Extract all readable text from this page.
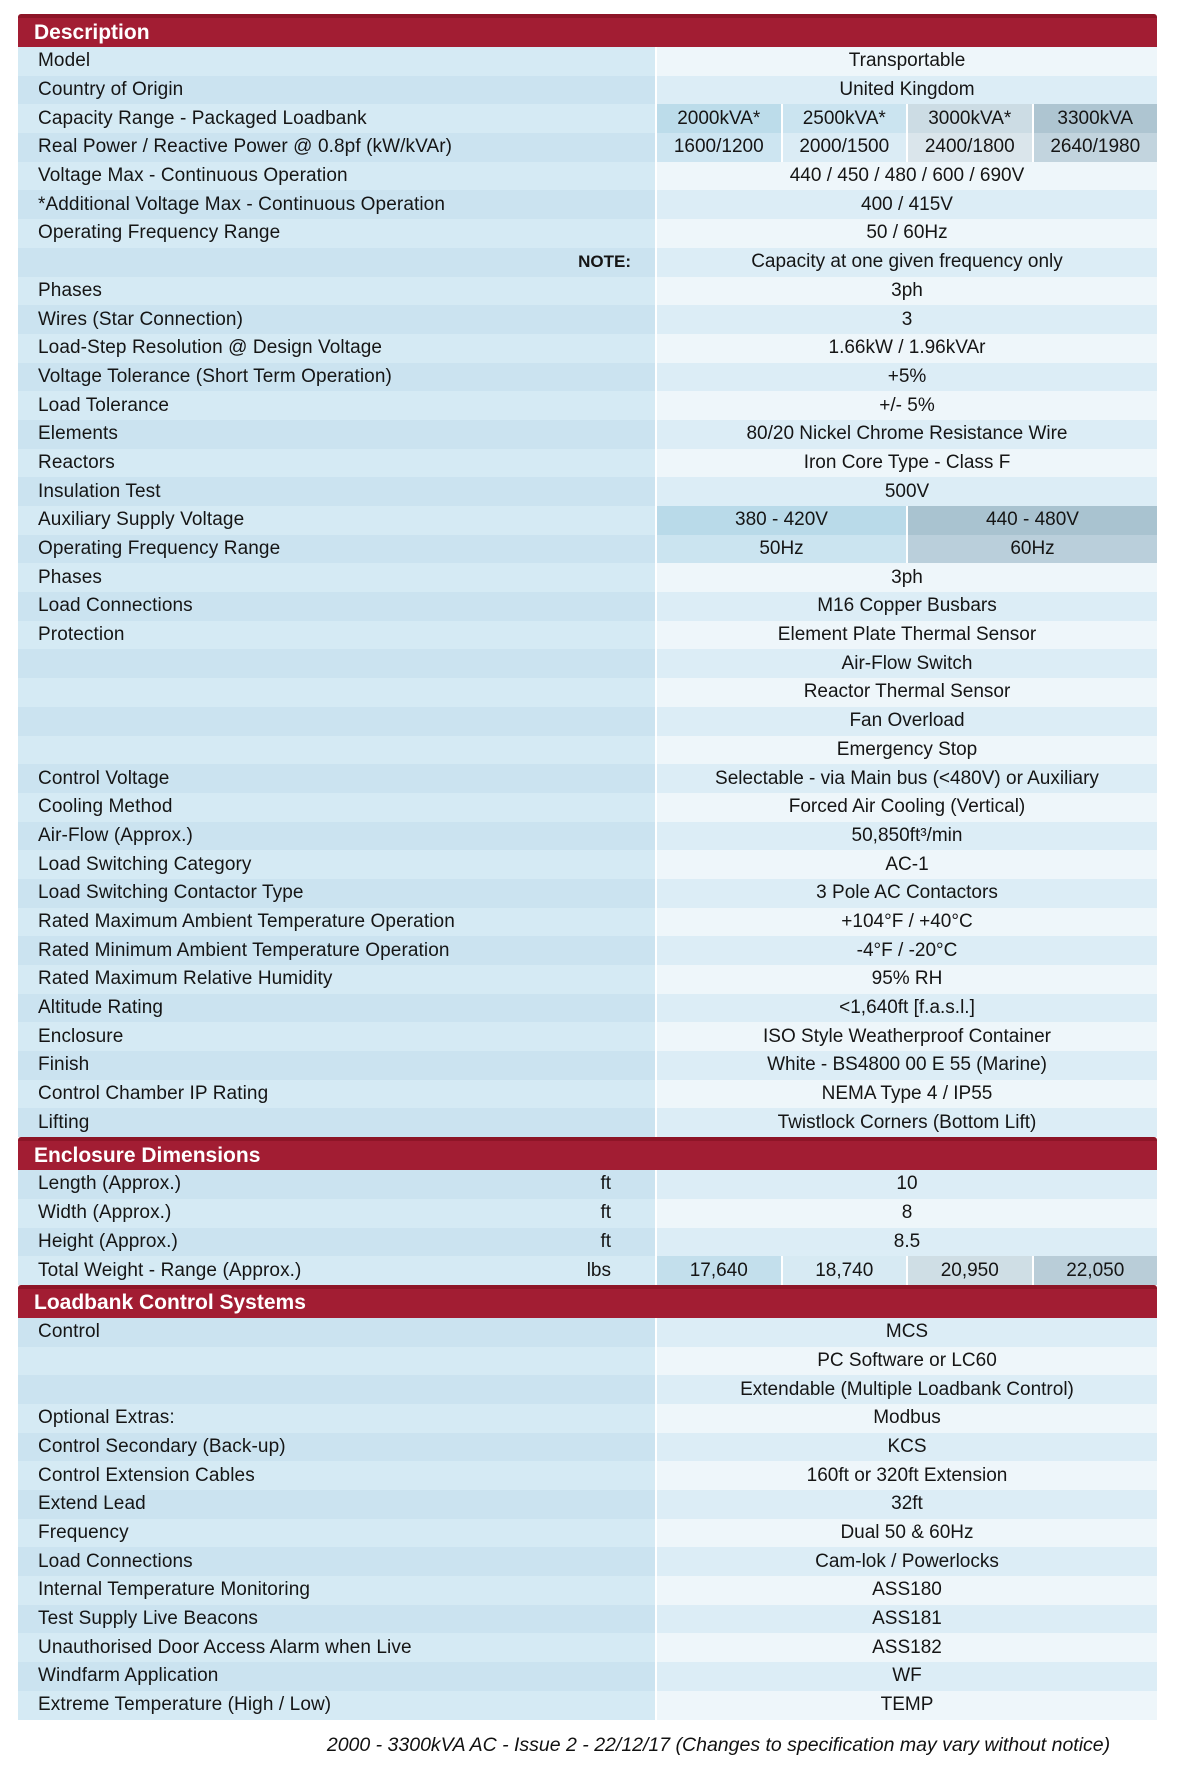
Description
Model	Transportable
Country of Origin	United Kingdom
Capacity Range - Packaged Loadbank	2000kVA*	2500kVA*	3000kVA*	3300kVA
Real Power / Reactive Power @ 0.8pf (kW/kVAr)	1600/1200	2000/1500	2400/1800	2640/1980
Voltage Max - Continuous Operation	440 / 450 / 480 / 600 / 690V
*Additional Voltage Max - Continuous Operation	400 / 415V
Operating Frequency Range	50 / 60Hz
NOTE:	Capacity at one given frequency only
Phases	3ph
Wires (Star Connection)	3
Load-Step Resolution @ Design Voltage	1.66kW / 1.96kVAr
Voltage Tolerance (Short Term Operation)	+5%
Load Tolerance	+/- 5%
Elements	80/20 Nickel Chrome Resistance Wire
Reactors	Iron Core Type - Class F
Insulation Test	500V
Auxiliary Supply Voltage	380 - 420V	440 - 480V
Operating Frequency Range	50Hz	60Hz
Phases	3ph
Load Connections	M16 Copper Busbars
Protection	Element Plate Thermal Sensor
Air-Flow Switch
Reactor Thermal Sensor
Fan Overload
Emergency Stop
Control Voltage	Selectable - via Main bus (<480V) or Auxiliary
Cooling Method	Forced Air Cooling (Vertical)
Air-Flow (Approx.)	50,850ft³/min
Load Switching Category	AC-1
Load Switching Contactor Type	3 Pole AC Contactors
Rated Maximum Ambient Temperature Operation	+104°F / +40°C
Rated Minimum Ambient Temperature Operation	-4°F / -20°C
Rated Maximum Relative Humidity	95% RH
Altitude Rating	<1,640ft [f.a.s.l.]
Enclosure	ISO Style Weatherproof Container
Finish	White - BS4800 00 E 55 (Marine)
Control Chamber IP Rating	NEMA Type 4 / IP55
Lifting	Twistlock Corners (Bottom Lift)
Enclosure Dimensions
Length (Approx.)	ft	10
Width (Approx.)	ft	8
Height (Approx.)	ft	8.5
Total Weight - Range (Approx.)	lbs	17,640	18,740	20,950	22,050
Loadbank Control Systems
Control	MCS
PC Software or LC60
Extendable (Multiple Loadbank Control)
Optional Extras:	Modbus
Control Secondary (Back-up)	KCS
Control Extension Cables	160ft or 320ft Extension
Extend Lead	32ft
Frequency	Dual 50 & 60Hz
Load Connections	Cam-lok / Powerlocks
Internal Temperature Monitoring	ASS180
Test Supply Live Beacons	ASS181
Unauthorised Door Access Alarm when Live	ASS182
Windfarm Application	WF
Extreme Temperature (High / Low)	TEMP
2000 - 3300kVA AC - Issue 2 - 22/12/17 (Changes to specification may vary without notice)
